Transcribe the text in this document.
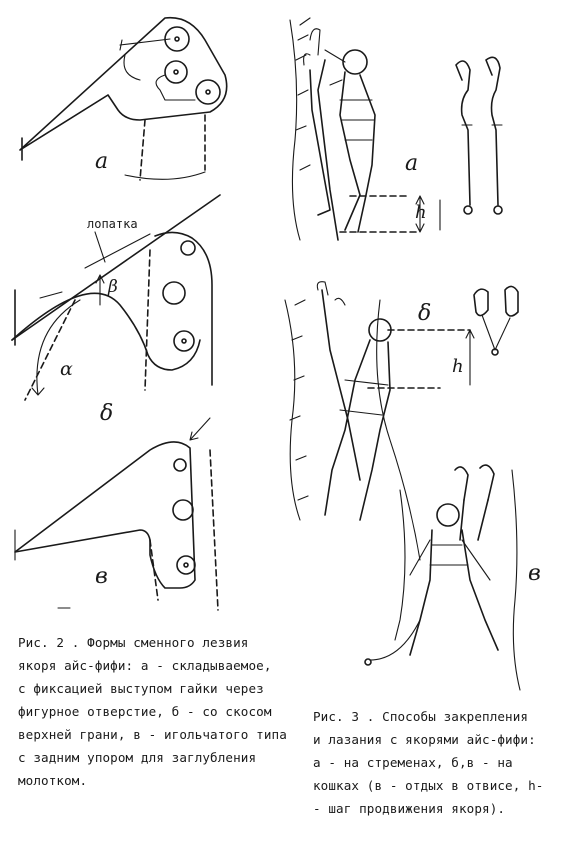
а
лопатка
β
α
δ
в
h
а
h
δ
в
Рис. 2 . Формы сменного лезвия
якоря айс-фифи: а - складываемое,
с фиксацией выступом гайки через
фигурное отверстие, б - со скосом
верхней грани, в - игольчатого типа
с задним упором для заглубления
молотком.
Рис. 3 . Способы закрепления
и лазания с якорями айс-фифи:
а - на стременах, б,в - на
кошках (в - отдых в отвисе, h-
- шаг продвижения якоря).
